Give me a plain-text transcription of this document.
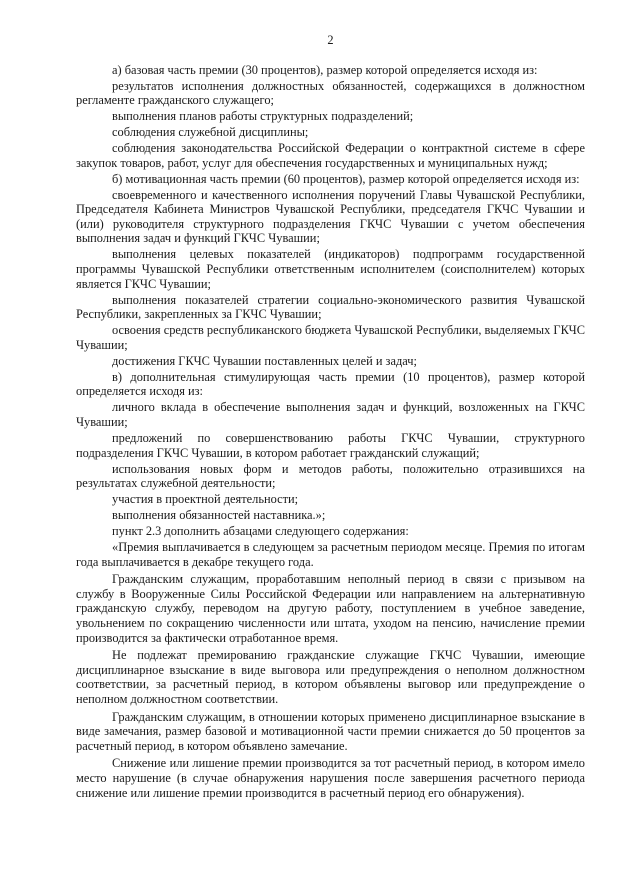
2

а) базовая часть премии (30 процентов), размер которой определяется исходя из:

результатов исполнения должностных обязанностей, содержащихся в должностном регламенте гражданского служащего;

выполнения планов работы структурных подразделений;

соблюдения служебной дисциплины;

соблюдения законодательства Российской Федерации о контрактной системе в сфере закупок товаров, работ, услуг для обеспечения государственных и муниципальных нужд;

б) мотивационная часть премии (60 процентов), размер которой определяется исходя из:

своевременного и качественного исполнения поручений Главы Чувашской Республики, Председателя Кабинета Министров Чувашской Республики, председателя ГКЧС Чувашии и (или) руководителя структурного подразделения ГКЧС Чувашии с учетом обеспечения выполнения задач и функций ГКЧС Чувашии;

выполнения целевых показателей (индикаторов) подпрограмм государственной программы Чувашской Республики ответственным исполнителем (соисполнителем) которых является ГКЧС Чувашии;

выполнения показателей стратегии социально-экономического развития Чувашской Республики, закрепленных за ГКЧС Чувашии;

освоения средств республиканского бюджета Чувашской Республики, выделяемых ГКЧС Чувашии;

достижения ГКЧС Чувашии поставленных целей и задач;

в) дополнительная стимулирующая часть премии (10 процентов), размер которой определяется исходя из:

личного вклада в обеспечение выполнения задач и функций, возложенных на ГКЧС Чувашии;

предложений по совершенствованию работы ГКЧС Чувашии, структурного подразделения ГКЧС Чувашии, в котором работает гражданский служащий;

использования новых форм и методов работы, положительно отразившихся на результатах служебной деятельности;

участия в проектной деятельности;

выполнения обязанностей наставника.»;

пункт 2.3 дополнить абзацами следующего содержания:

«Премия выплачивается в следующем за расчетным периодом месяце. Премия по итогам года выплачивается в декабре текущего года.

Гражданским служащим, проработавшим неполный период в связи с призывом на службу в Вооруженные Силы Российской Федерации или направлением на альтернативную гражданскую службу, переводом на другую работу, поступлением в учебное заведение, увольнением по сокращению численности или штата, уходом на пенсию, начисление премии производится за фактически отработанное время.

Не подлежат премированию гражданские служащие ГКЧС Чувашии, имеющие дисциплинарное взыскание в виде выговора или предупреждения о неполном должностном соответствии, за расчетный период, в котором объявлены выговор или предупреждение о неполном должностном соответствии.

Гражданским служащим, в отношении которых применено дисциплинарное взыскание в виде замечания, размер базовой и мотивационной части премии снижается до 50 процентов за расчетный период, в котором объявлено замечание.

Снижение или лишение премии производится за тот расчетный период, в котором имело место нарушение (в случае обнаружения нарушения после завершения расчетного периода снижение или лишение премии производится в расчетный период его обнаружения).
